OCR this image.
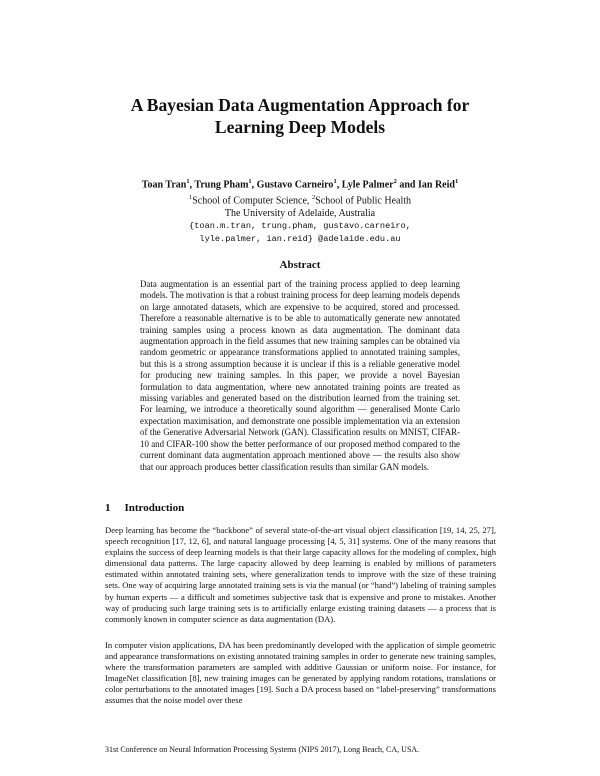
A Bayesian Data Augmentation Approach for
Learning Deep Models
Toan Tran$^1$, Trung Pham$^1$, Gustavo Carneiro$^1$, Lyle Palmer$^2$ and Ian Reid$^1$
$^1$School of Computer Science, $^2$School of Public Health
The University of Adelaide, Australia
{toan.m.tran, trung.pham, gustavo.carneiro,
lyle.palmer, ian.reid} @adelaide.edu.au
Abstract

Data augmentation is an essential part of the training process applied to deep learning models. The motivation is that a robust training process for deep learning models depends on large annotated datasets, which are expensive to be acquired, stored and processed. Therefore a reasonable alternative is to be able to automatically generate new annotated training samples using a process known as data augmentation. The dominant data augmentation approach in the field assumes that new training samples can be obtained via random geometric or appearance transformations applied to annotated training samples, but this is a strong assumption because it is unclear if this is a reliable generative model for producing new training samples. In this paper, we provide a novel Bayesian formulation to data augmentation, where new annotated training points are treated as missing variables and generated based on the distribution learned from the training set. For learning, we introduce a theoretically sound algorithm — generalised Monte Carlo expectation maximisation, and demonstrate one possible implementation via an extension of the Generative Adversarial Network (GAN). Classification results on MNIST, CIFAR-10 and CIFAR-100 show the better performance of our proposed method compared to the current dominant data augmentation approach mentioned above — the results also show that our approach produces better classification results than similar GAN models.

1 Introduction

Deep learning has become the “backbone” of several state-of-the-art visual object classification [19, 14, 25, 27], speech recognition [17, 12, 6], and natural language processing [4, 5, 31] systems. One of the many reasons that explains the success of deep learning models is that their large capacity allows for the modeling of complex, high dimensional data patterns. The large capacity allowed by deep learning is enabled by millions of parameters estimated within annotated training sets, where generalization tends to improve with the size of these training sets. One way of acquiring large annotated training sets is via the manual (or “hand”) labeling of training samples by human experts — a difficult and sometimes subjective task that is expensive and prone to mistakes. Another way of producing such large training sets is to artificially enlarge existing training datasets — a process that is commonly known in computer science as data augmentation (DA).

In computer vision applications, DA has been predominantly developed with the application of simple geometric and appearance transformations on existing annotated training samples in order to generate new training samples, where the transformation parameters are sampled with additive Gaussian or uniform noise. For instance, for ImageNet classification [8], new training images can be generated by applying random rotations, translations or color perturbations to the annotated images [19]. Such a DA process based on “label-preserving” transformations assumes that the noise model over these

31st Conference on Neural Information Processing Systems (NIPS 2017), Long Beach, CA, USA.
